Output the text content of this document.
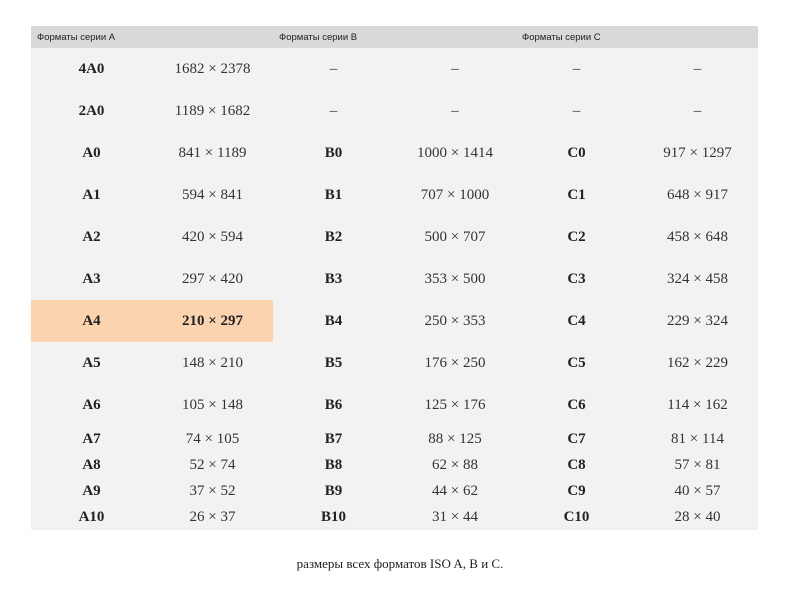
Форматы серии A		Форматы серии B		Форматы серии C	
4A0	1682 × 2378	–	–	–	–
2A0	1189 × 1682	–	–	–	–
A0	841 × 1189	B0	1000 × 1414	C0	917 × 1297
A1	594 × 841	B1	707 × 1000	C1	648 × 917
A2	420 × 594	B2	500 × 707	C2	458 × 648
A3	297 × 420	B3	353 × 500	C3	324 × 458
A4	210 × 297	B4	250 × 353	C4	229 × 324
A5	148 × 210	B5	176 × 250	C5	162 × 229
A6	105 × 148	B6	125 × 176	C6	114 × 162
A7	74 × 105	B7	88 × 125	C7	81 × 114
A8	52 × 74	B8	62 × 88	C8	57 × 81
A9	37 × 52	B9	44 × 62	C9	40 × 57
A10	26 × 37	B10	31 × 44	C10	28 × 40
размеры всех форматов ISO A, B и C.
